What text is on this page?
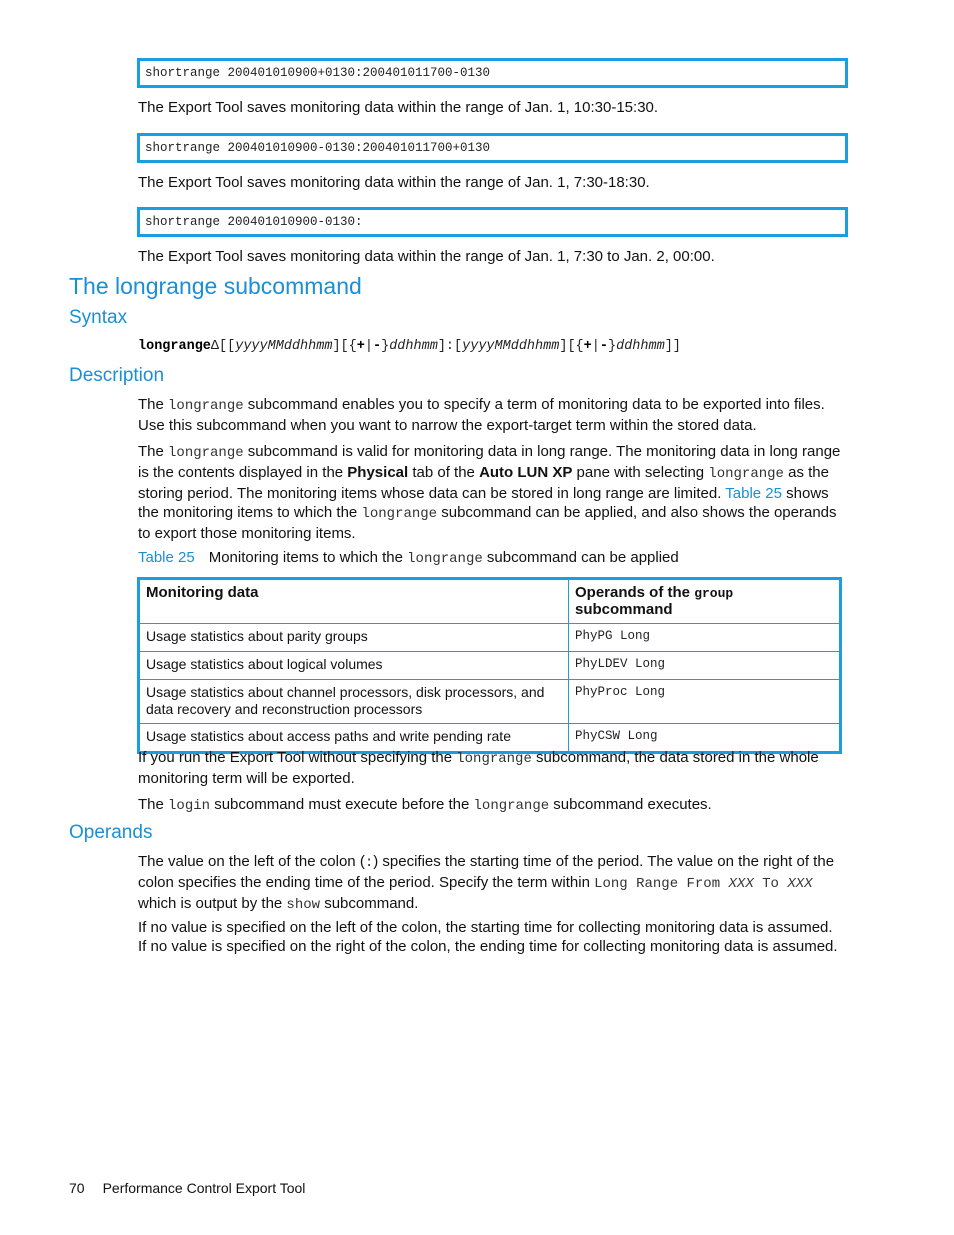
shortrange 200401010900+0130:200401011700-0130
The Export Tool saves monitoring data within the range of Jan. 1, 10:30-15:30.
shortrange 200401010900-0130:200401011700+0130
The Export Tool saves monitoring data within the range of Jan. 1, 7:30-18:30.
shortrange 200401010900-0130:
The Export Tool saves monitoring data within the range of Jan. 1, 7:30 to Jan. 2, 00:00.
The longrange subcommand
Syntax
longrangeΔ[[yyyyMMddhhmm][{+|-}ddhhmm]:[yyyyMMddhhmm][{+|-}ddhhmm]]
Description
The longrange subcommand enables you to specify a term of monitoring data to be exported into files. Use this subcommand when you want to narrow the export-target term within the stored data.
The longrange subcommand is valid for monitoring data in long range. The monitoring data in long range is the contents displayed in the Physical tab of the Auto LUN XP pane with selecting longrange as the storing period. The monitoring items whose data can be stored in long range are limited. Table 25 shows the monitoring items to which the longrange subcommand can be applied, and also shows the operands to export those monitoring items.
Table 25 Monitoring items to which the longrange subcommand can be applied
Monitoring data	Operands of the group subcommand
Usage statistics about parity groups	PhyPG Long
Usage statistics about logical volumes	PhyLDEV Long
Usage statistics about channel processors, disk processors, and data recovery and reconstruction processors	PhyProc Long
Usage statistics about access paths and write pending rate	PhyCSW Long
If you run the Export Tool without specifying the longrange subcommand, the data stored in the whole monitoring term will be exported.
The login subcommand must execute before the longrange subcommand executes.
Operands
The value on the left of the colon (:) specifies the starting time of the period. The value on the right of the colon specifies the ending time of the period. Specify the term within Long Range From XXX To XXX which is output by the show subcommand.
If no value is specified on the left of the colon, the starting time for collecting monitoring data is assumed. If no value is specified on the right of the colon, the ending time for collecting monitoring data is assumed.
70 Performance Control Export Tool
